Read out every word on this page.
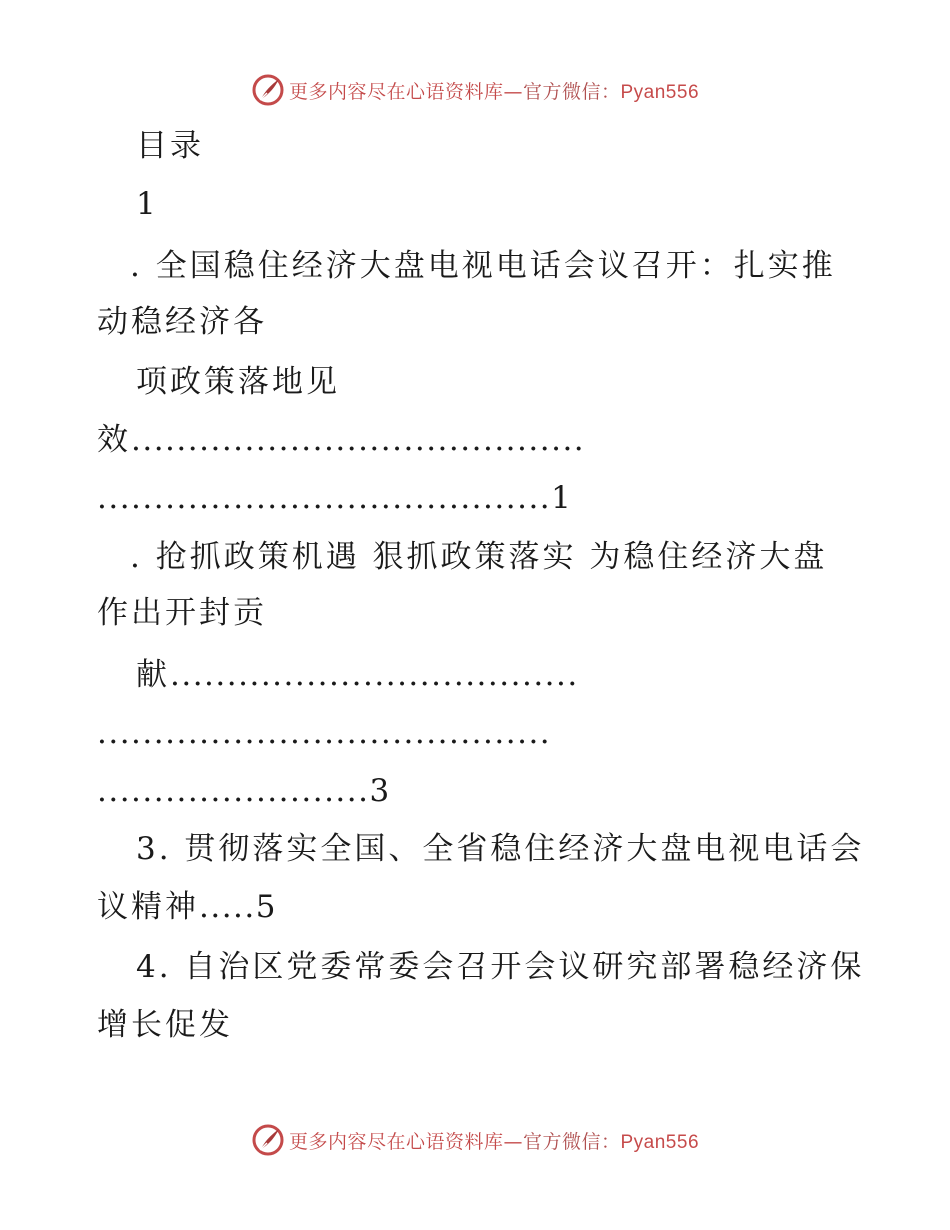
更多内容尽在心语资料库—官方微信：Pyan556
目录
1
. 全国稳住经济大盘电视电话会议召开：扎实推
动稳经济各
项政策落地见
效........................................
........................................1
. 抢抓政策机遇 狠抓政策落实 为稳住经济大盘
作出开封贡
献....................................
........................................
........................3
3. 贯彻落实全国、全省稳住经济大盘电视电话会
议精神.....5
4. 自治区党委常委会召开会议研究部署稳经济保
增长促发
更多内容尽在心语资料库—官方微信：Pyan556
